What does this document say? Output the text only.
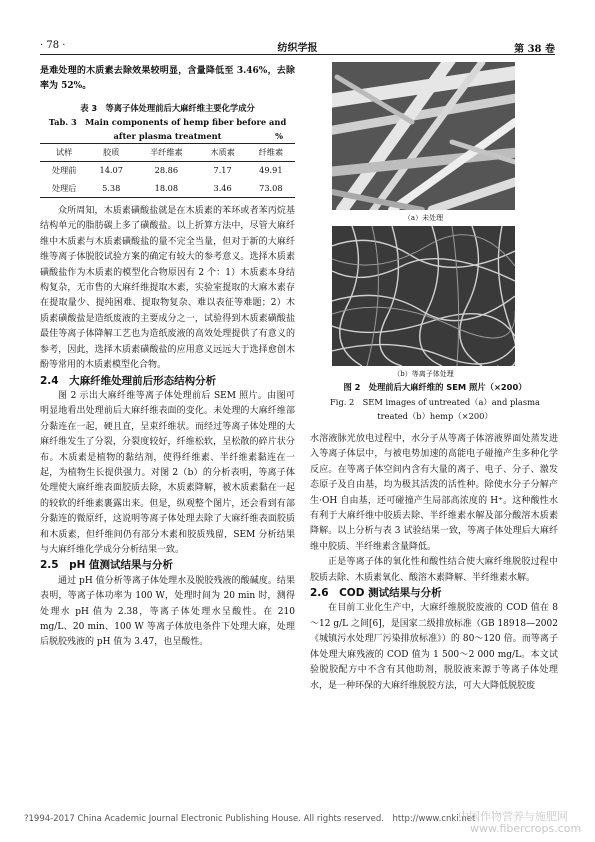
· 78 ·	纺织学报	第 38 卷

是难处理的木质素去除效果较明显，含量降低至 3.46%，去除率为 52%。

表 3　等离子体处理前后大麻纤维主要化学成分
Tab. 3　Main components of hemp fiber before and
after plasma treatment	%
试样	胶质	半纤维素	木质素	纤维素
处理前	14.07	28.86	7.17	49.91
处理后	5.38	18.08	3.46	73.08

众所周知，木质素磺酸盐就是在木质素的苯环或者苯丙烷基结构单元的脂肪碳上多了磺酸盐。以上折算方法中，尽管大麻纤维中木质素与木质素磺酸盐的量不完全当量，但对于新的大麻纤维等离子体脱胶试验方案的确定有较大的参考意义。选择木质素磺酸盐作为木质素的模型化合物原因有 2 个：1）木质素本身结构复杂，无市售的大麻纤维提取木素，实验室提取的大麻木素存在提取量少、提纯困难、提取物复杂、难以表征等难题；2）木质素磺酸盐是造纸废液的主要成分之一，试验得到木质素磺酸盐最佳等离子体降解工艺也为造纸废液的高效处理提供了有意义的参考，因此，选择木质素磺酸盐的应用意义远远大于选择愈创木酚等常用的木质素模型化合物。

2.4　大麻纤维处理前后形态结构分析

图 2 示出大麻纤维等离子体处理前后 SEM 照片。由图可明显地看出处理前后大麻纤维表面的变化。未处理的大麻纤维部分黏连在一起，硬且直，呈束纤维状。而经过等离子体处理的大麻纤维发生了分裂，分裂度较好，纤维松软，呈松散的碎片状分布。木质素是植物的黏结剂，使得纤维素、半纤维素黏连在一起，为植物生长提供强力。对图 2（b）的分析表明，等离子体处理使大麻纤维表面胶质去除，木质素降解，被木质素黏在一起的较软的纤维素裹露出来。但是，纵观整个图片，还会看到有部分黏连的微原纤，这说明等离子体处理去除了大麻纤维表面胶质和木质素，但纤维间仍有部分木素和胶质残留，SEM 分析结果与大麻纤维化学成分分析结果一致。

2.5　pH 值测试结果与分析

通过 pH 值分析等离子体处理水及脱胶残液的酸碱度。结果表明，等离子体功率为 100 W，处理时间为 20 min 时，测得处理水 pH 值为 2.38，等离子体处理水呈酸性。在 210 mg/L、20 min、100 W 等离子体放电条件下处理大麻，处理后脱胶残液的 pH 值为 3.47，也呈酸性。

（a）未处理
（b）等离子体处理
图 2　处理前后大麻纤维的 SEM 照片（×200）
Fig. 2　SEM images of untreated（a）and plasma
treated（b）hemp（×200）

水溶液脉光放电过程中，水分子从等离子体溶液界面处蒸发进入等离子体层中，与被电势加速的高能电子碰撞产生多种化学反应。在等离子体空间内含有大量的离子、电子、分子、激发态原子及自由基，均为极其活泼的活性种。除使水分子分解产生·OH 自由基，还可碰撞产生局部高浓度的 H⁺。这种酸性水有利于大麻纤维中胶质去除、半纤维素水解及部分酸溶木质素降解。以上分析与表 3 试验结果一致，等离子体处理后大麻纤维中胶质、半纤维素含量降低。

正是等离子体的氧化性和酸性结合使大麻纤维脱胶过程中胶质去除、木质素氧化、酸溶木素降解、半纤维素水解。

2.6　COD 测试结果与分析

在目前工业化生产中，大麻纤维脱胶废液的 COD 值在 8～12 g/L 之间[6]，是国家二级排放标准（GB 18918—2002《城镇污水处理厂污染排放标准》）的 80～120 倍。而等离子体处理大麻残液的 COD 值为 1 500～2 000 mg/L。本文试验脱胶配方中不含有其他助剂，脱胶液来源于等离子体处理水，是一种环保的大麻纤维脱胶方法，可大大降低脱胶废

?1994-2017 China Academic Journal Electronic Publishing House. All rights reserved.　http://www.cnki.net
中国作物营养与施肥网
www.fibercrops.com
